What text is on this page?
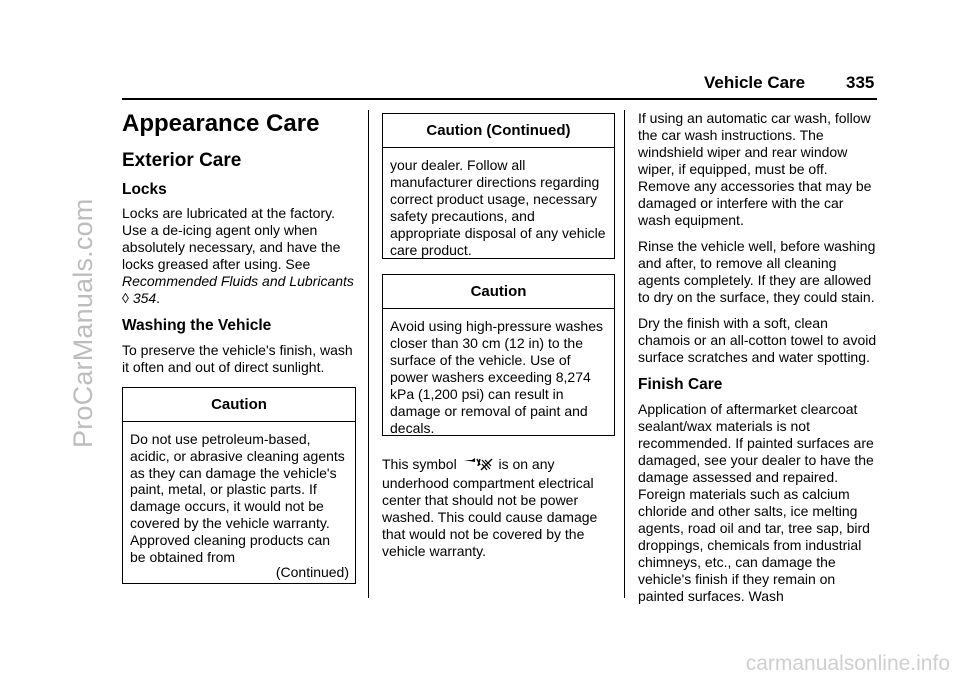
ProCarManuals.com
carmanualsonline.info
Vehicle Care 335
Appearance Care
Exterior Care
Locks

Locks are lubricated at the factory. Use a de-icing agent only when absolutely necessary, and have the locks greased after using. See Recommended Fluids and Lubricants ◊ 354.

Washing the Vehicle

To preserve the vehicle's finish, wash it often and out of direct sunlight.

Caution
Do not use petroleum-based, acidic, or abrasive cleaning agents as they can damage the vehicle's paint, metal, or plastic parts. If damage occurs, it would not be covered by the vehicle warranty. Approved cleaning products can be obtained from
(Continued)
Caution (Continued)
your dealer. Follow all manufacturer directions regarding correct product usage, necessary safety precautions, and appropriate disposal of any vehicle care product.
Caution
Avoid using high-pressure washes closer than 30 cm (12 in) to the surface of the vehicle. Use of power washers exceeding 8,274 kPa (1,200 psi) can result in damage or removal of paint and decals.
This symbol	is on any underhood compartment electrical center that should not be power washed. This could cause damage that would not be covered by the vehicle warranty.

If using an automatic car wash, follow the car wash instructions. The windshield wiper and rear window wiper, if equipped, must be off. Remove any accessories that may be damaged or interfere with the car wash equipment.

Rinse the vehicle well, before washing and after, to remove all cleaning agents completely. If they are allowed to dry on the surface, they could stain.

Dry the finish with a soft, clean chamois or an all-cotton towel to avoid surface scratches and water spotting.

Finish Care

Application of aftermarket clearcoat sealant/wax materials is not recommended. If painted surfaces are damaged, see your dealer to have the damage assessed and repaired. Foreign materials such as calcium chloride and other salts, ice melting agents, road oil and tar, tree sap, bird droppings, chemicals from industrial chimneys, etc., can damage the vehicle's finish if they remain on painted surfaces. Wash
